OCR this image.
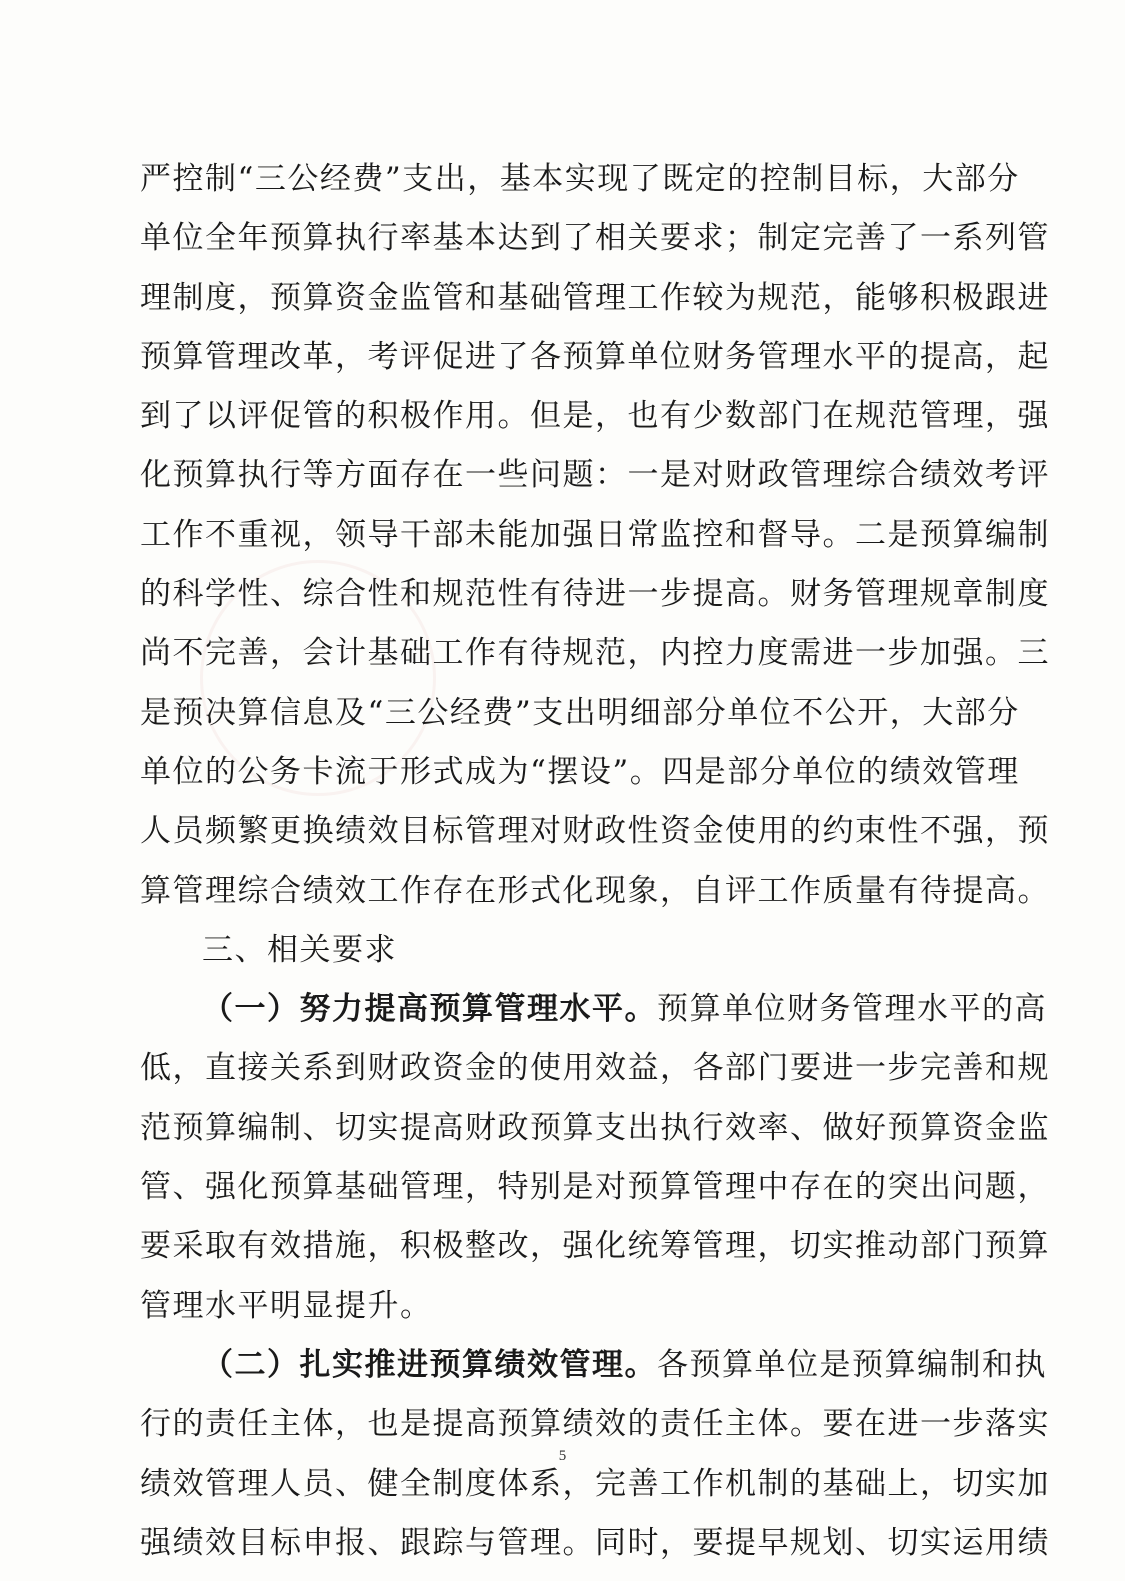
严控制“三公经费”支出，基本实现了既定的控制目标，大部分
单位全年预算执行率基本达到了相关要求；制定完善了一系列管
理制度，预算资金监管和基础管理工作较为规范，能够积极跟进
预算管理改革，考评促进了各预算单位财务管理水平的提高，起
到了以评促管的积极作用。但是，也有少数部门在规范管理，强
化预算执行等方面存在一些问题：一是对财政管理综合绩效考评
工作不重视，领导干部未能加强日常监控和督导。二是预算编制
的科学性、综合性和规范性有待进一步提高。财务管理规章制度
尚不完善，会计基础工作有待规范，内控力度需进一步加强。三
是预决算信息及“三公经费”支出明细部分单位不公开，大部分
单位的公务卡流于形式成为“摆设”。四是部分单位的绩效管理
人员频繁更换绩效目标管理对财政性资金使用的约束性不强，预
算管理综合绩效工作存在形式化现象，自评工作质量有待提高。
三、相关要求
（一）努力提高预算管理水平。预算单位财务管理水平的高
低，直接关系到财政资金的使用效益，各部门要进一步完善和规
范预算编制、切实提高财政预算支出执行效率、做好预算资金监
管、强化预算基础管理，特别是对预算管理中存在的突出问题，
要采取有效措施，积极整改，强化统筹管理，切实推动部门预算
管理水平明显提升。
（二）扎实推进预算绩效管理。各预算单位是预算编制和执
行的责任主体，也是提高预算绩效的责任主体。要在进一步落实
绩效管理人员、健全制度体系，完善工作机制的基础上，切实加
强绩效目标申报、跟踪与管理。同时，要提早规划、切实运用绩
5
